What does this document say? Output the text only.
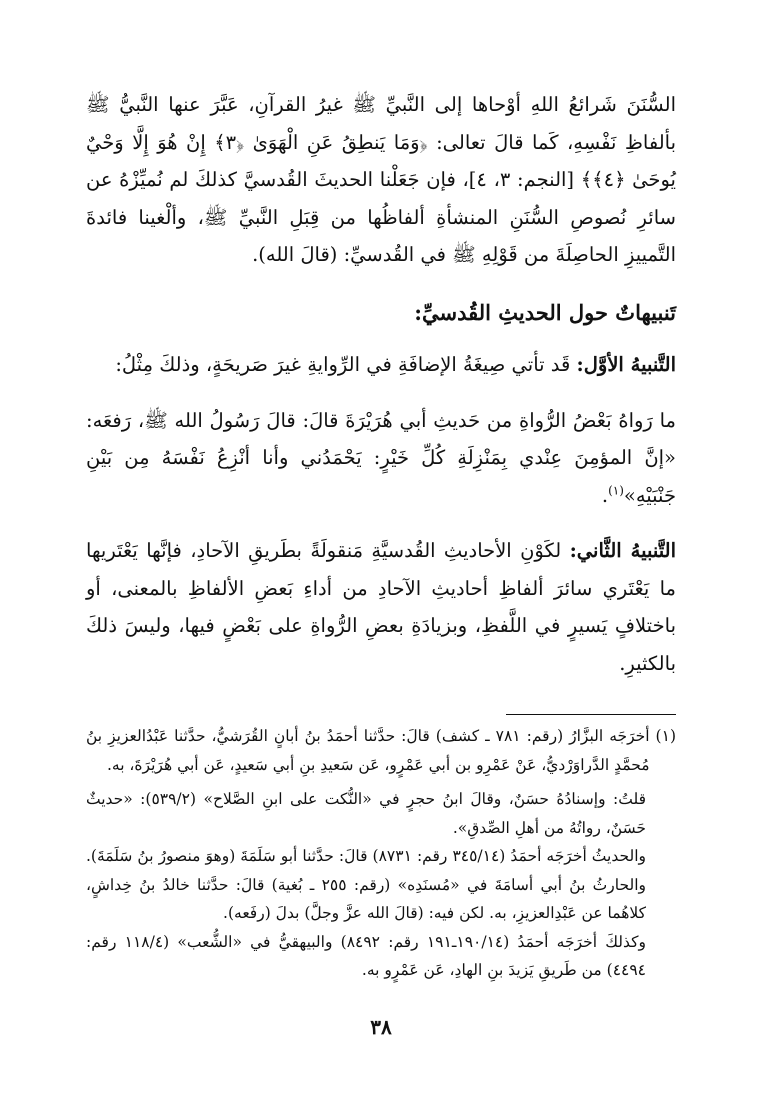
السُّنَنَ شَرائعُ اللهِ أوْحاها إلى النَّبيِّ ﷺ غيرُ القرآنِ، عَبَّرَ عنها النَّبيُّ ﷺ بألفاظِ نَفْسِهِ، كَما قالَ تعالى: ﴿وَمَا يَنطِقُ عَنِ الْهَوَىٰ ﴿٣﴾ إِنْ هُوَ إِلَّا وَحْيٌ يُوحَىٰ ﴿٤﴾﴾ [النجم: ٣، ٤]، فإن جَعَلْنا الحديثَ القُدسيَّ كذلكَ لم نُميِّزْهُ عن سائرِ نُصوصِ السُّنَنِ المنشأةِ ألفاظُها من قِبَلِ النَّبيِّ ﷺ، وألْغينا فائدةَ التَّمييزِ الحاصِلَةَ من قَوْلِهِ ﷺ في القُدسيِّ: (قالَ الله).

تَنبيهاتٌ حول الحديثِ القُدسيِّ:

التَّنبيهُ الأوَّل: قَد تأتي صِيغَةُ الإضافَةِ في الرِّوايةِ غيرَ صَريحَةٍ، وذلكَ مِثْلُ:

ما رَواهُ بَعْضُ الرُّواةِ من حَديثِ أبي هُرَيْرَةَ قالَ: قالَ رَسُولُ الله ﷺ، رَفعَه: «إنَّ المؤمِنَ عِنْدي بِمَنْزِلَةِ كُلِّ خَيْرٍ: يَحْمَدُني وأنا أنْزِعُ نَفْسَهُ مِن بَيْنِ جَنْبَيْهِ»$^{(١)}$.

التَّنبيهُ الثَّاني: لكَوْنِ الأحاديثِ القُدسيَّةِ مَنقولَةً بطَريقِ الآحادِ، فإنَّها يَعْتَريها ما يَعْتَري سائرَ ألفاظِ أحاديثِ الآحادِ من أداءِ بَعضِ الألفاظِ بالمعنى، أو باختلافٍ يَسيرٍ في اللَّفظِ، وبزيادَةِ بعضِ الرُّواةِ على بَعْضٍ فيها، وليسَ ذلكَ بالكثيرِ.

(١)

أخرَجَه البزَّارُ (رقم: ٧٨١ ـ كشف) قالَ: حدَّثنا أحمَدُ بنُ أبانٍ القُرَشيُّ، حدَّثنا عَبْدُالعزيزِ بنُ مُحمَّدٍ الدَّراوَرْديُّ، عَنْ عَمْرِو بن أبي عَمْرٍو، عَن سَعيدِ بنِ أبي سَعيدٍ، عَن أبي هُرَيْرَةَ، به.

قلتُ: وإسنادُهُ حسَنٌ، وقالَ ابنُ حجرٍ في «النُّكت على ابنِ الصَّلاح» (٥٣٩/٢): «حديثٌ حَسَنٌ، رواتُهُ من أهلِ الصِّدقِ».

والحديثُ أخرَجَه أحمَدُ (٣٤٥/١٤ رقم: ٨٧٣١) قالَ: حدَّثنا أبو سَلَمَةَ (وهوَ منصورُ بنُ سَلَمَةَ). والحارثُ بنُ أبي أسامَةَ في «مُسنَدِه» (رقم: ٢٥٥ ـ بُغية) قالَ: حدَّثنا خالدُ بنُ خِداشٍ، كلاهُما عن عَبْدِالعزيزِ، به. لكن فيه: (قالَ الله عزَّ وجلَّ) بدلَ (رفَعه).

وكذلكَ أخرَجَه أحمَدُ (١٩٠/١٤ـ١٩١ رقم: ٨٤٩٢) والبيهقيُّ في «الشُّعب» (١١٨/٤ رقم: ٤٤٩٤) من طَريقِ يَزيدَ بنِ الهادِ، عَن عَمْرٍو به.

٣٨
